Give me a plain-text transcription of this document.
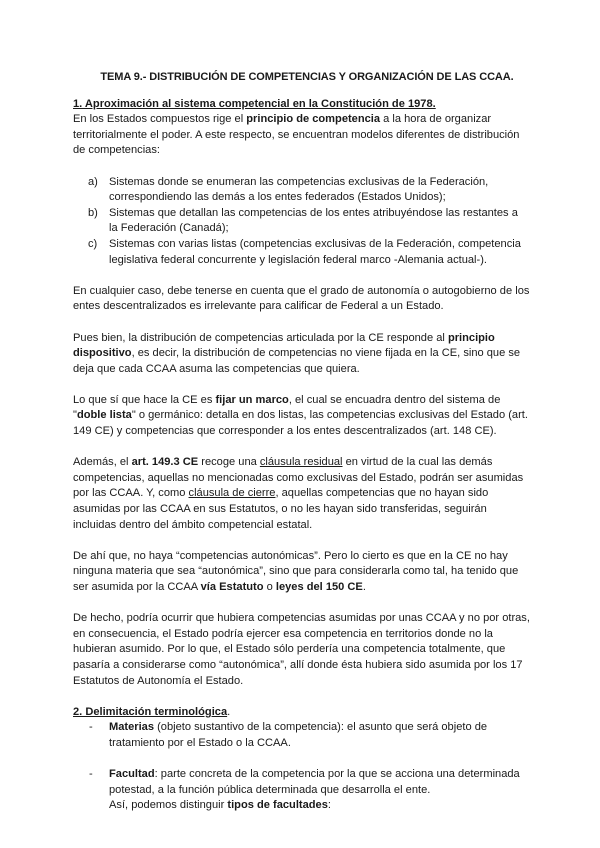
TEMA 9.- DISTRIBUCIÓN DE COMPETENCIAS Y ORGANIZACIÓN DE LAS CCAA.

1. Aproximación al sistema competencial en la Constitución de 1978.

En los Estados compuestos rige el principio de competencia a la hora de organizar territorialmente el poder. A este respecto, se encuentran modelos diferentes de distribución de competencias:

a) Sistemas donde se enumeran las competencias exclusivas de la Federación, correspondiendo las demás a los entes federados (Estados Unidos);
b) Sistemas que detallan las competencias de los entes atribuyéndose las restantes a la Federación (Canadá);
c) Sistemas con varias listas (competencias exclusivas de la Federación, competencia legislativa federal concurrente y legislación federal marco -Alemania actual-).

En cualquier caso, debe tenerse en cuenta que el grado de autonomía o autogobierno de los entes descentralizados es irrelevante para calificar de Federal a un Estado.

Pues bien, la distribución de competencias articulada por la CE responde al principio dispositivo, es decir, la distribución de competencias no viene fijada en la CE, sino que se deja que cada CCAA asuma las competencias que quiera.

Lo que sí que hace la CE es fijar un marco, el cual se encuadra dentro del sistema de "doble lista" o germánico: detalla en dos listas, las competencias exclusivas del Estado (art. 149 CE) y competencias que corresponder a los entes descentralizados (art. 148 CE).

Además, el art. 149.3 CE recoge una cláusula residual en virtud de la cual las demás competencias, aquellas no mencionadas como exclusivas del Estado, podrán ser asumidas por las CCAA. Y, como cláusula de cierre, aquellas competencias que no hayan sido asumidas por las CCAA en sus Estatutos, o no les hayan sido transferidas, seguirán incluidas dentro del ámbito competencial estatal.

De ahí que, no haya “competencias autonómicas”. Pero lo cierto es que en la CE no hay ninguna materia que sea “autonómica”, sino que para considerarla como tal, ha tenido que ser asumida por la CCAA vía Estatuto o leyes del 150 CE.

De hecho, podría ocurrir que hubiera competencias asumidas por unas CCAA y no por otras, en consecuencia, el Estado podría ejercer esa competencia en territorios donde no la hubieran asumido. Por lo que, el Estado sólo perdería una competencia totalmente, que pasaría a considerarse como “autonómica”, allí donde ésta hubiera sido asumida por los 17 Estatutos de Autonomía el Estado.

2. Delimitación terminológica.

- Materias (objeto sustantivo de la competencia): el asunto que será objeto de tratamiento por el Estado o la CCAA.
- Facultad: parte concreta de la competencia por la que se acciona una determinada potestad, a la función pública determinada que desarrolla el ente.
Así, podemos distinguir tipos de facultades:
